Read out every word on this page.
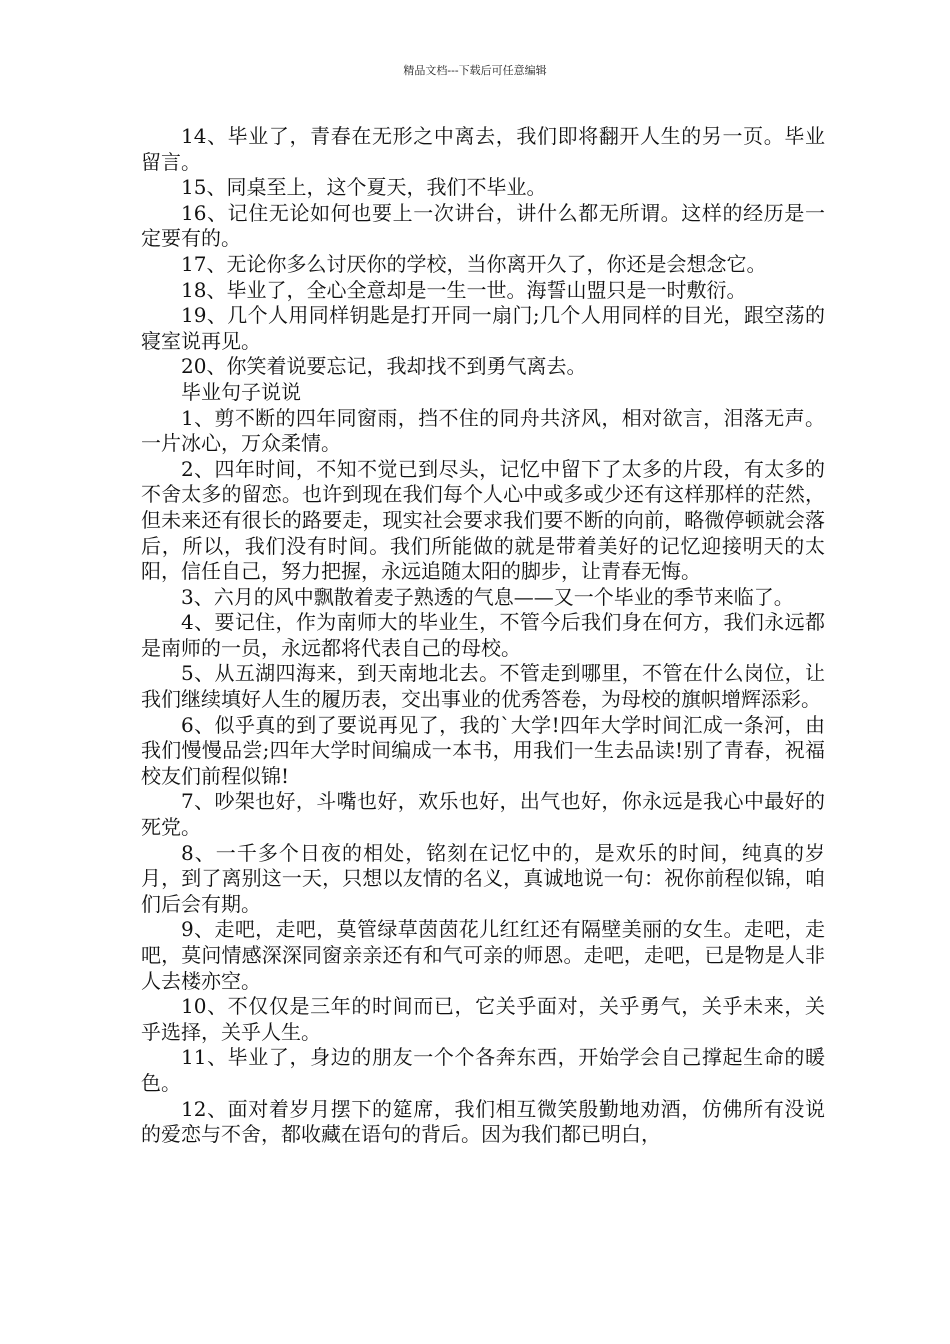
精品文档---下载后可任意编辑

14、毕业了，青春在无形之中离去，我们即将翻开人生的另一页。毕业留言。

15、同桌至上，这个夏天，我们不毕业。

16、记住无论如何也要上一次讲台，讲什么都无所谓。这样的经历是一定要有的。

17、无论你多么讨厌你的学校，当你离开久了，你还是会想念它。

18、毕业了，全心全意却是一生一世。海誓山盟只是一时敷衍。

19、几个人用同样钥匙是打开同一扇门;几个人用同样的目光，跟空荡的寝室说再见。

20、你笑着说要忘记，我却找不到勇气离去。

毕业句子说说

1、剪不断的四年同窗雨，挡不住的同舟共济风，相对欲言，泪落无声。一片冰心，万众柔情。

2、四年时间，不知不觉已到尽头，记忆中留下了太多的片段，有太多的不舍太多的留恋。也许到现在我们每个人心中或多或少还有这样那样的茫然，但未来还有很长的路要走，现实社会要求我们要不断的向前，略微停顿就会落后，所以，我们没有时间。我们所能做的就是带着美好的记忆迎接明天的太阳，信任自己，努力把握，永远追随太阳的脚步，让青春无悔。

3、六月的风中飘散着麦子熟透的气息——又一个毕业的季节来临了。

4、要记住，作为南师大的毕业生，不管今后我们身在何方，我们永远都是南师的一员，永远都将代表自己的母校。

5、从五湖四海来，到天南地北去。不管走到哪里，不管在什么岗位，让我们继续填好人生的履历表，交出事业的优秀答卷，为母校的旗帜增辉添彩。

6、似乎真的到了要说再见了，我的`大学!四年大学时间汇成一条河，由我们慢慢品尝;四年大学时间编成一本书，用我们一生去品读!别了青春，祝福校友们前程似锦!

7、吵架也好，斗嘴也好，欢乐也好，出气也好，你永远是我心中最好的死党。

8、一千多个日夜的相处，铭刻在记忆中的，是欢乐的时间，纯真的岁月，到了离别这一天，只想以友情的名义，真诚地说一句：祝你前程似锦，咱们后会有期。

9、走吧，走吧，莫管绿草茵茵花儿红红还有隔壁美丽的女生。走吧，走吧，莫问情感深深同窗亲亲还有和气可亲的师恩。走吧，走吧，已是物是人非人去楼亦空。

10、不仅仅是三年的时间而已，它关乎面对，关乎勇气，关乎未来，关乎选择，关乎人生。

11、毕业了，身边的朋友一个个各奔东西，开始学会自己撑起生命的暖色。

12、面对着岁月摆下的筵席，我们相互微笑殷勤地劝酒，仿佛所有没说的爱恋与不舍，都收藏在语句的背后。因为我们都已明白，
